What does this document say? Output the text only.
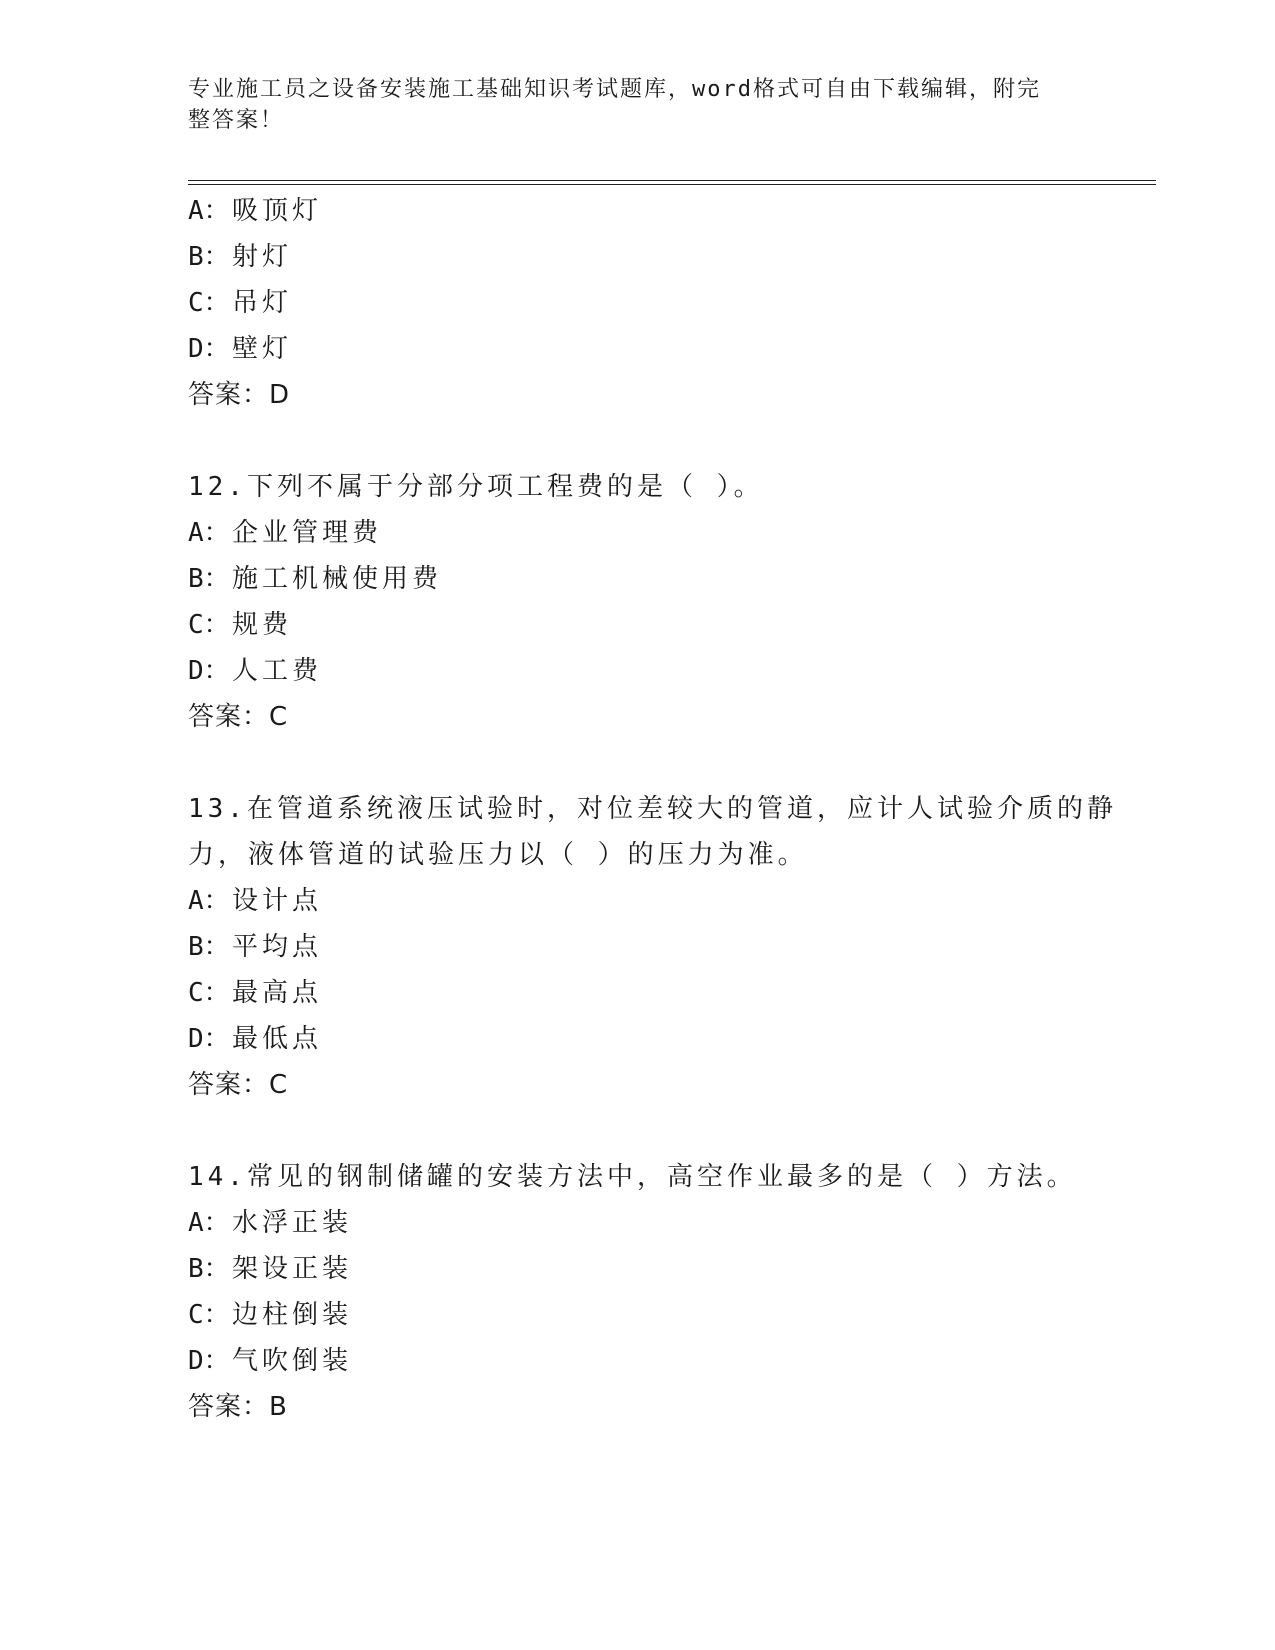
专业施工员之设备安装施工基础知识考试题库，word格式可自由下载编辑，附完
整答案！
A：吸顶灯
B：射灯
C：吊灯
D：壁灯
答案：D
12.下列不属于分部分项工程费的是（ ）。
A：企业管理费
B：施工机械使用费
C：规费
D：人工费
答案：C
13.在管道系统液压试验时，对位差较大的管道，应计人试验介质的静
力，液体管道的试验压力以（ ）的压力为准。
A：设计点
B：平均点
C：最高点
D：最低点
答案：C
14.常见的钢制储罐的安装方法中，高空作业最多的是（ ）方法。
A：水浮正装
B：架设正装
C：边柱倒装
D：气吹倒装
答案：B
